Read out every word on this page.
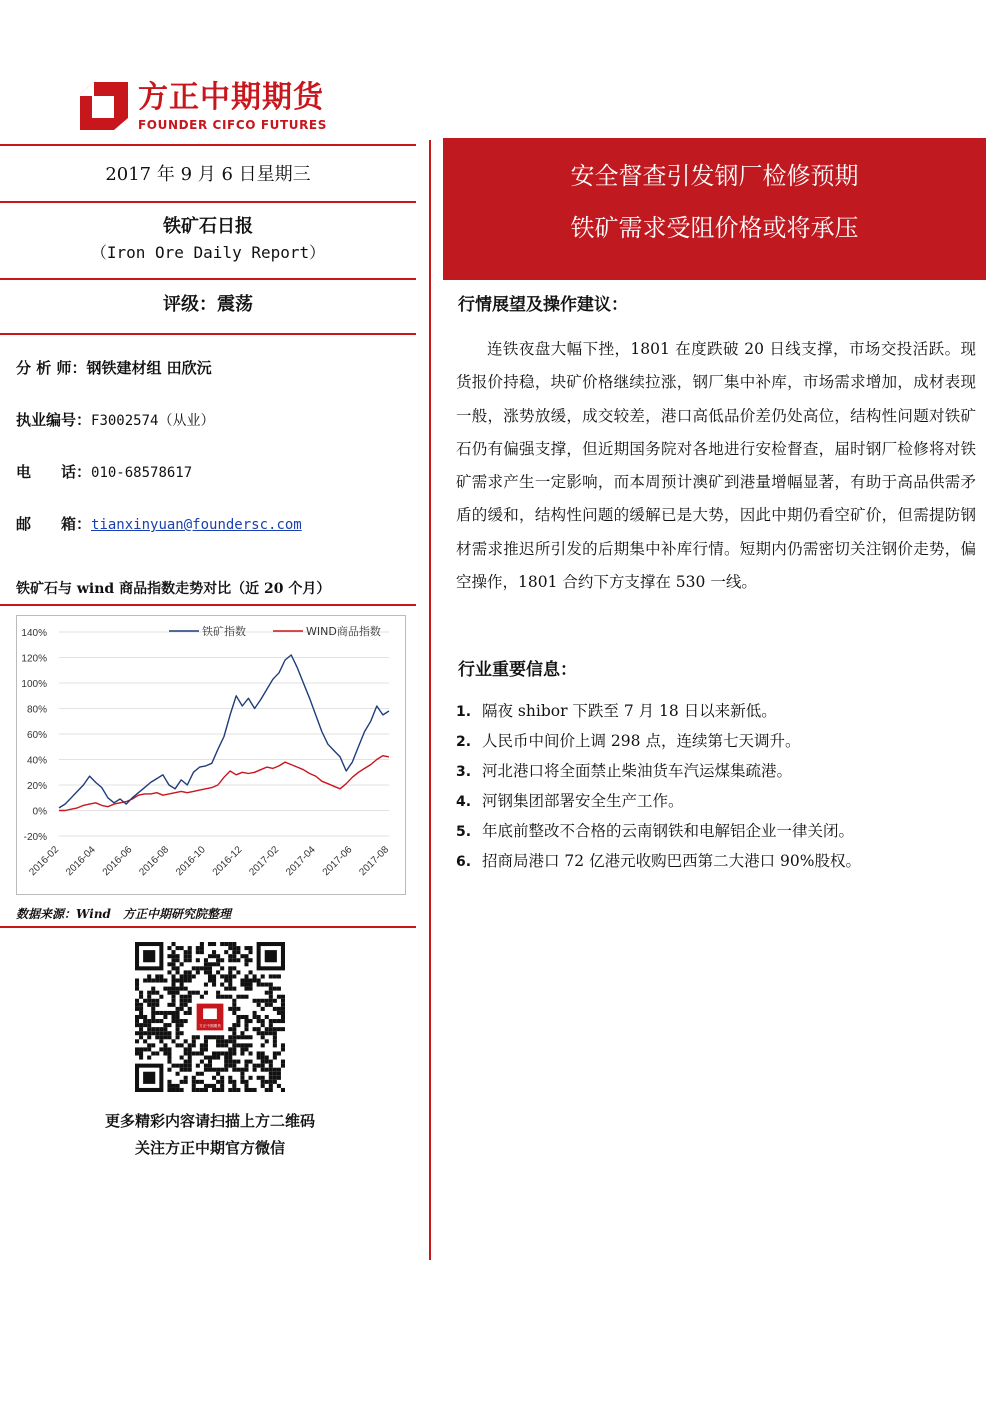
方正中期期货
FOUNDER CIFCO FUTURES
2017 年 9 月 6 日星期三
铁矿石日报
（Iron Ore Daily Report）
评级：震荡
分 析 师：钢铁建材组 田欣沅
执业编号：F3002574（从业）
电　　话：010-68578617
邮　　箱：tianxinyuan@foundersc.com
铁矿石与 wind 商品指数走势对比（近 20 个月）
140%
120%
100%
80%
60%
40%
20%
0%
-20%
2016-02 2016-04 2016-06 2016-08 2016-10 2016-12 2017-02 2017-04 2017-06 2017-08
铁矿指数	WIND商品指数
数据来源：Wind　方正中期研究院整理
更多精彩内容请扫描上方二维码
关注方正中期官方微信
安全督查引发钢厂检修预期
铁矿需求受阻价格或将承压
行情展望及操作建议：
连铁夜盘大幅下挫，1801 在度跌破 20 日线支撑，市场交投活跃。现货报价持稳，块矿价格继续拉涨，钢厂集中补库，市场需求增加，成材表现一般，涨势放缓，成交较差，港口高低品价差仍处高位，结构性问题对铁矿石仍有偏强支撑，但近期国务院对各地进行安检督查，届时钢厂检修将对铁矿需求产生一定影响，而本周预计澳矿到港量增幅显著，有助于高品供需矛盾的缓和，结构性问题的缓解已是大势，因此中期仍看空矿价，但需提防钢材需求推迟所引发的后期集中补库行情。短期内仍需密切关注钢价走势，偏空操作，1801 合约下方支撑在 530 一线。
行业重要信息：
1. 隔夜 shibor 下跌至 7 月 18 日以来新低。
2. 人民币中间价上调 298 点，连续第七天调升。
3. 河北港口将全面禁止柴油货车汽运煤集疏港。
4. 河钢集团部署安全生产工作。
5. 年底前整改不合格的云南钢铁和电解铝企业一律关闭。
6. 招商局港口 72 亿港元收购巴西第二大港口 90%股权。
